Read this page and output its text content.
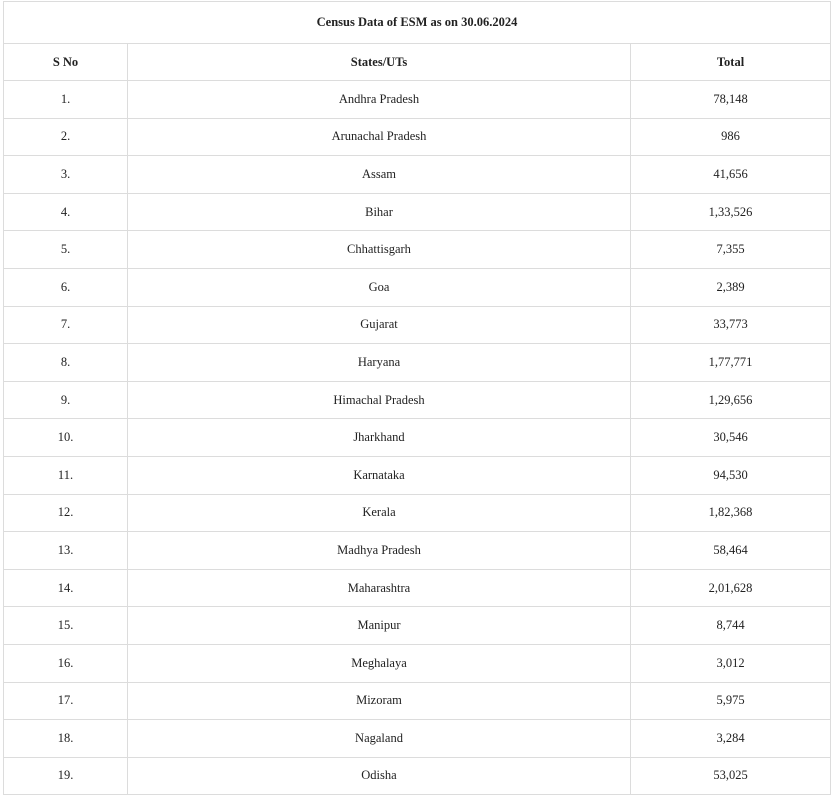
Census Data of ESM as on 30.06.2024		
S No	States/UTs	Total
1.	Andhra Pradesh	78,148
2.	Arunachal Pradesh	986
3.	Assam	41,656
4.	Bihar	1,33,526
5.	Chhattisgarh	7,355
6.	Goa	2,389
7.	Gujarat	33,773
8.	Haryana	1,77,771
9.	Himachal Pradesh	1,29,656
10.	Jharkhand	30,546
11.	Karnataka	94,530
12.	Kerala	1,82,368
13.	Madhya Pradesh	58,464
14.	Maharashtra	2,01,628
15.	Manipur	8,744
16.	Meghalaya	3,012
17.	Mizoram	5,975
18.	Nagaland	3,284
19.	Odisha	53,025
